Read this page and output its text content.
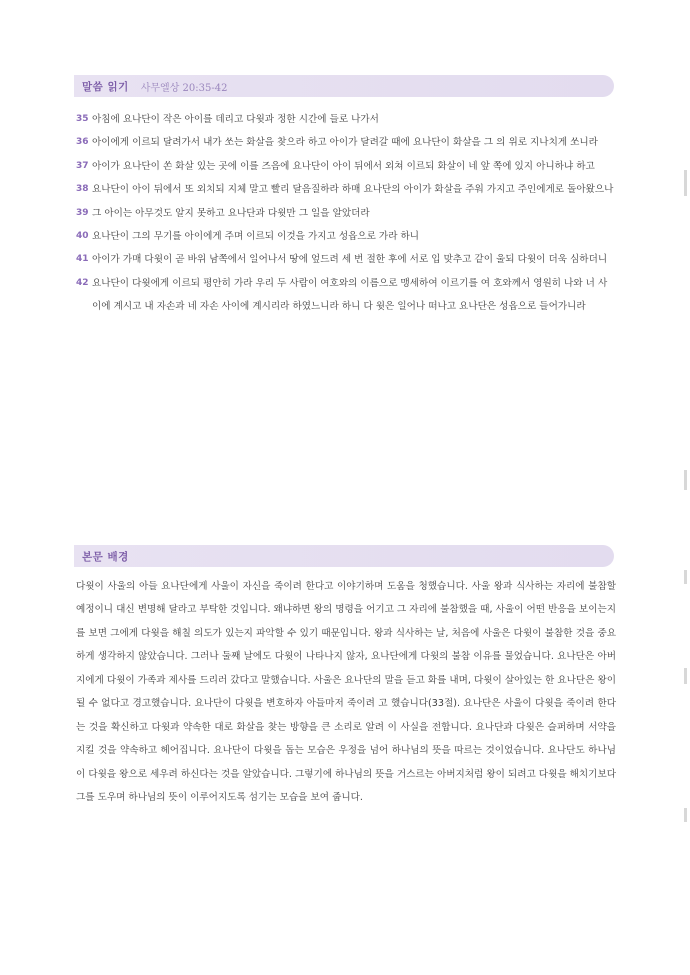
말씀 읽기	사무엘상 20:35-42
35 아침에 요나단이 작은 아이를 데리고 다윗과 정한 시간에 들로 나가서
36 아이에게 이르되 달려가서 내가 쏘는 화살을 찾으라 하고 아이가 달려갈 때에 요나단이 화살을 그 의 위로 지나치게 쏘니라
37 아이가 요나단이 쏜 화살 있는 곳에 이를 즈음에 요나단이 아이 뒤에서 외쳐 이르되 화살이 네 앞 쪽에 있지 아니하냐 하고
38 요나단이 아이 뒤에서 또 외치되 지체 말고 빨리 달음질하라 하매 요나단의 아이가 화살을 주워 가지고 주인에게로 돌아왔으나
39 그 아이는 아무것도 알지 못하고 요나단과 다윗만 그 일을 알았더라
40 요나단이 그의 무기를 아이에게 주며 이르되 이것을 가지고 성읍으로 가라 하니
41 아이가 가매 다윗이 곧 바위 남쪽에서 일어나서 땅에 엎드려 세 번 절한 후에 서로 입 맞추고 같이 울되 다윗이 더욱 심하더니
42 요나단이 다윗에게 이르되 평안히 가라 우리 두 사람이 여호와의 이름으로 맹세하여 이르기를 여 호와께서 영원히 나와 너 사이에 계시고 내 자손과 네 자손 사이에 계시리라 하였느니라 하니 다 윗은 일어나 떠나고 요나단은 성읍으로 들어가니라
본문 배경
다윗이 사울의 아들 요나단에게 사울이 자신을 죽이려 한다고 이야기하며 도움을 청했습니다. 사울 왕과 식사하는 자리에 불참할 예정이니 대신 변명해 달라고 부탁한 것입니다. 왜냐하면 왕의 명령을 어기고 그 자리에 불참했을 때, 사울이 어떤 반응을 보이는지를 보면 그에게 다윗을 해칠 의도가 있는지 파악할 수 있기 때문입니다. 왕과 식사하는 날, 처음에 사울은 다윗이 불참한 것을 중요하게 생각하지 않았습니다. 그러나 둘째 날에도 다윗이 나타나지 않자, 요나단에게 다윗의 불참 이유를 물었습니다. 요나단은 아버지에게 다윗이 가족과 제사를 드리러 갔다고 말했습니다. 사울은 요나단의 말을 듣고 화를 내며, 다윗이 살아있는 한 요나단은 왕이 될 수 없다고 경고했습니다. 요나단이 다윗을 변호하자 아들마저 죽이려 고 했습니다(33절). 요나단은 사울이 다윗을 죽이려 한다는 것을 확신하고 다윗과 약속한 대로 화살을 찾는 방향을 큰 소리로 알려 이 사실을 전합니다. 요나단과 다윗은 슬퍼하며 서약을 지킬 것을 약속하고 헤어집니다. 요나단이 다윗을 돕는 모습은 우정을 넘어 하나님의 뜻을 따르는 것이었습니다. 요나단도 하나님이 다윗을 왕으로 세우려 하신다는 것을 알았습니다. 그렇기에 하나님의 뜻을 거스르는 아버지처럼 왕이 되려고 다윗을 해치기보다 그를 도우며 하나님의 뜻이 이루어지도록 섬기는 모습을 보여 줍니다.
